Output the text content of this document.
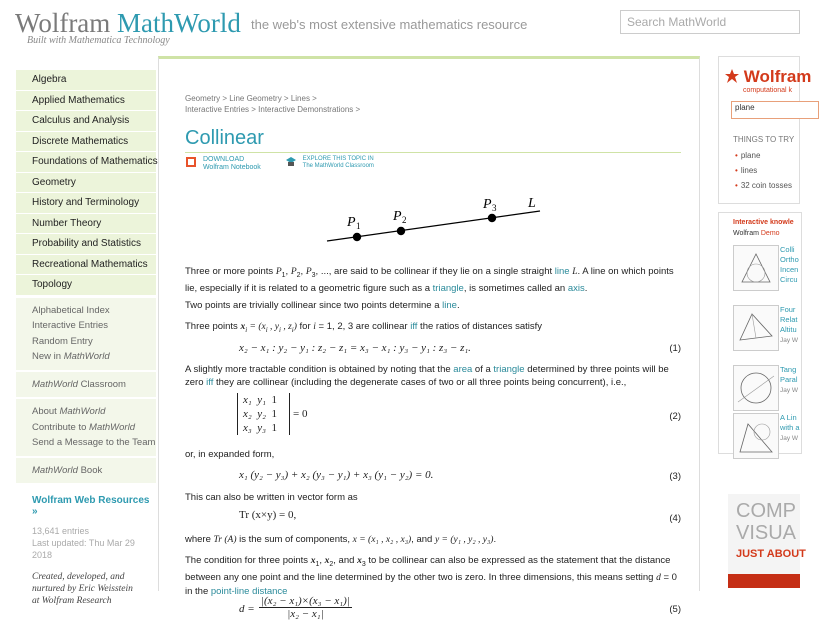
Wolfram MathWorld
Built with Mathematica Technology
the web's most extensive mathematics resource	Search MathWorld
Algebra
Applied Mathematics
Calculus and Analysis
Discrete Mathematics
Foundations of Mathematics
Geometry
History and Terminology
Number Theory
Probability and Statistics
Recreational Mathematics
Topology
Alphabetical Index
Interactive Entries
Random Entry
New in MathWorld
MathWorld Classroom
About MathWorld
Contribute to MathWorld
Send a Message to the Team
MathWorld Book
Wolfram Web Resources »
13,641 entries
Last updated: Thu Mar 29 2018
Created, developed, and
nurtured by Eric Weisstein
at Wolfram Research
Geometry > Line Geometry > Lines >
Interactive Entries > Interactive Demonstrations >
Collinear
DOWNLOAD
Wolfram Notebook
EXPLORE THIS TOPIC IN
The MathWorld Classroom
P 1
P 2
P 3 L

Three or more points $P_1$, $P_2$, $P_3$, ..., are said to be collinear if they lie on a single straight line L. A line on which points lie, especially if it is related to a geometric figure such as a triangle, is sometimes called an axis.

Two points are trivially collinear since two points determine a line.

Three points $x_i = (x_i$ , $y_i$ , $z_i$) for i = 1, 2, 3 are collinear iff the ratios of distances satisfy

x₂ − x₁ : y₂ − y₁ : z₂ − z₁ = x₃ − x₁ : y₃ − y₁ : z₃ − z₁.	(1)

A slightly more tractable condition is obtained by noting that the area of a triangle determined by three points will be zero iff they are collinear (including the degenerate cases of two or all three points being concurrent), i.e.,

x₁ y₁ 1
x₂ y₂ 1
x₃ y₃ 1
= 0	(2)

or, in expanded form,

x₁ (y₂ − y₃) + x₂ (y₃ − y₁) + x₃ (y₁ − y₂) = 0.	(3)

This can also be written in vector form as

Tr (x×y) = 0,	(4)

where Tr (A) is the sum of components, x = (x₁ , x₂ , x₃), and y = (y₁ , y₂ , y₃).

The condition for three points $x_1$, $x_2$, and $x_3$ to be collinear can also be expressed as the statement that the distance between any one point and the line determined by the other two is zero. In three dimensions, this means setting d = 0 in the point-line distance

d =
|(x₂ − x₁)×(x₃ − x₁)|
|x₂ − x₁|	(5)
Wolfram
computational k
plane
THINGS TO TRY
• plane
• lines
• 32 coin tosses
Interactive knowle
Wolfram Demo
Colli
Ortho
Incen
Circu
Four
Relat
Altitu
Jay W
Tang
Paral
Jay W
A Lin
with a
Jay W
COMP
VISUA
JUST ABOUT
